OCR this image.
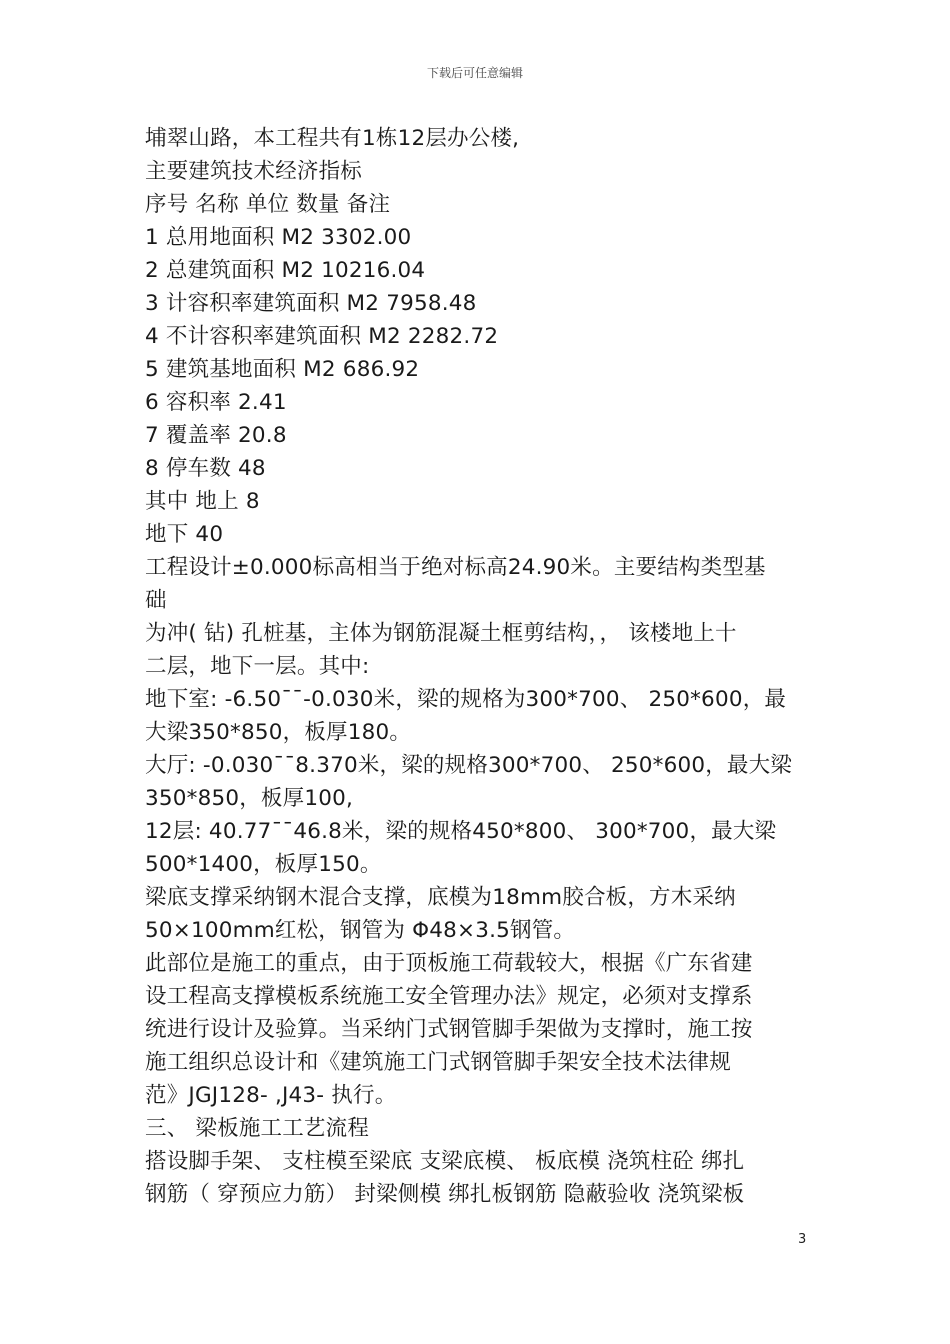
下载后可任意编辑
埔翠山路，本工程共有1栋12层办公楼,
主要建筑技术经济指标
序号 名称 单位 数量 备注
1 总用地面积 M2 3302.00
2 总建筑面积 M2 10216.04
3 计容积率建筑面积 M2 7958.48
4 不计容积率建筑面积 M2 2282.72
5 建筑基地面积 M2 686.92
6 容积率 2.41
7 覆盖率 20.8
8 停车数 48
其中 地上 8
地下 40
工程设计±0.000标高相当于绝对标高24.90米。主要结构类型基
础
为冲( 钻) 孔桩基，主体为钢筋混凝土框剪结构，， 该楼地上十
二层，地下一层。其中:
地下室: -6.50¯¯-0.030米，梁的规格为300*700、 250*600，最
大梁350*850，板厚180。
大厅: -0.030¯¯8.370米，梁的规格300*700、 250*600，最大梁
350*850，板厚100,
12层: 40.77¯¯46.8米，梁的规格450*800、 300*700，最大梁
500*1400，板厚150。
梁底支撑采纳钢木混合支撑，底模为18mm胶合板，方木采纳
50×100mm红松，钢管为 Φ48×3.5钢管。
此部位是施工的重点，由于顶板施工荷载较大，根据《广东省建
设工程高支撑模板系统施工安全管理办法》规定，必须对支撑系
统进行设计及验算。当采纳门式钢管脚手架做为支撑时，施工按
施工组织总设计和《建筑施工门式钢管脚手架安全技术法律规
范》JGJ128- ,J43- 执行。
三、 梁板施工工艺流程
搭设脚手架、 支柱模至梁底 支梁底模、 板底模 浇筑柱砼 绑扎
钢筋（ 穿预应力筋） 封梁侧模 绑扎板钢筋 隐蔽验收 浇筑梁板
3
